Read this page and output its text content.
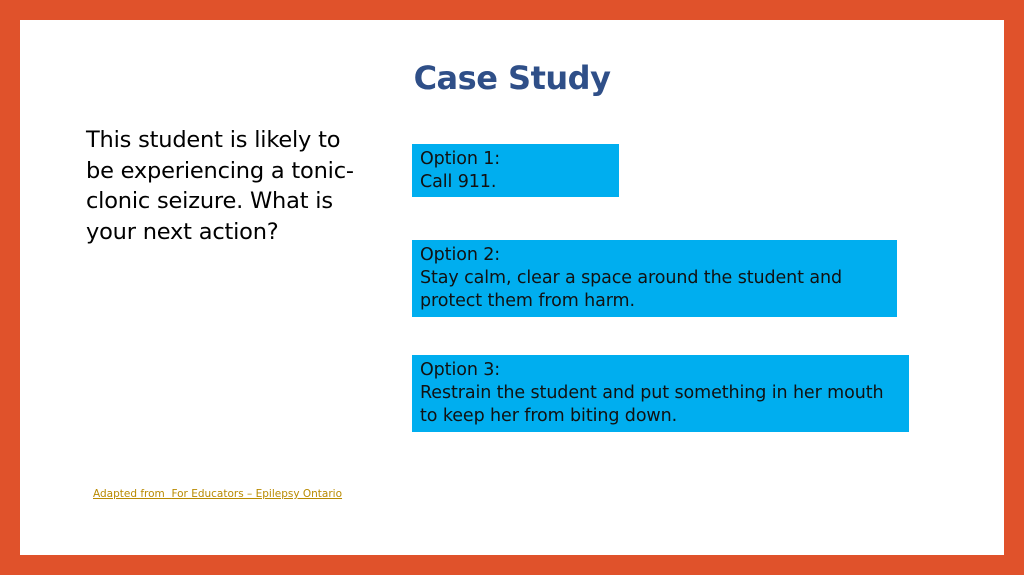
Case Study
This student is likely to be experiencing a tonic-clonic seizure. What is your next action?
Option 1:
Call 911.
Option 2:
Stay calm, clear a space around the student and protect them from harm.
Option 3:
Restrain the student and put something in her mouth to keep her from biting down.
Adapted from  For Educators – Epilepsy Ontario
